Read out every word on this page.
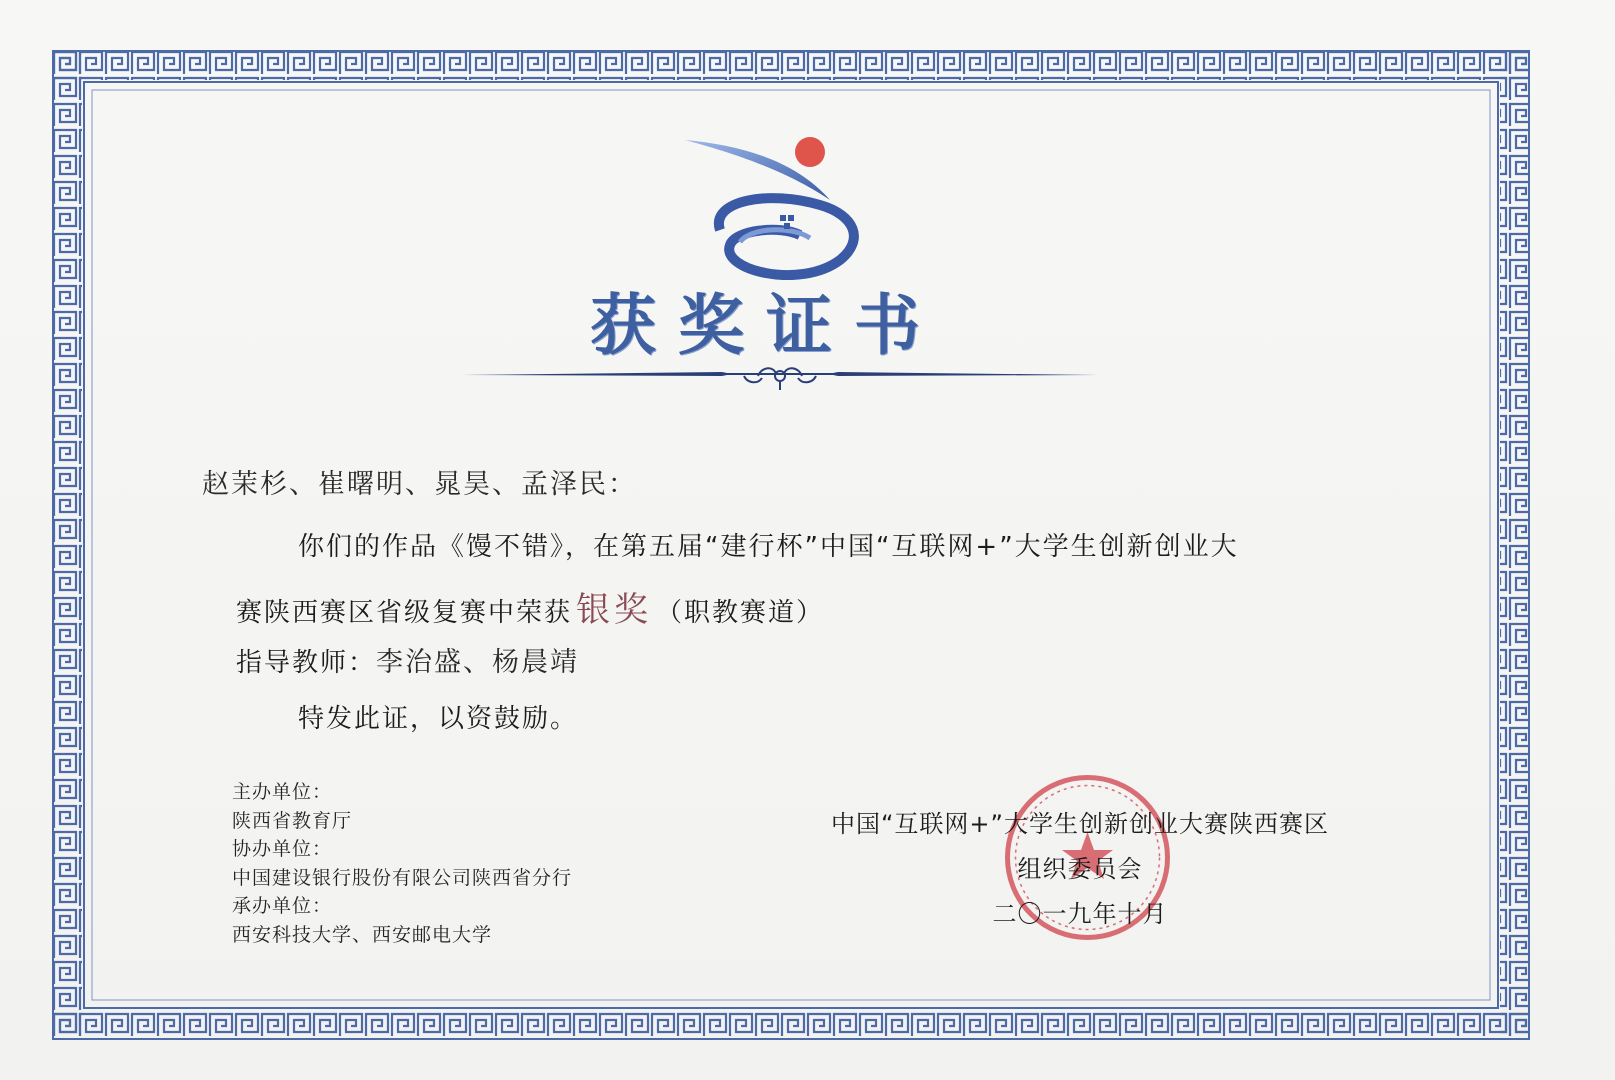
获奖证书
赵茉杉、崔曙明、晁昊、孟泽民：
你们的作品《馒不错》，在第五届“建行杯”中国“互联网+”大学生创新创业大
赛陕西赛区省级复赛中荣获 银奖 （职教赛道）
指导教师：李治盛、杨晨靖
特发此证，以资鼓励。
主办单位：
陕西省教育厅
协办单位：
中国建设银行股份有限公司陕西省分行
承办单位：
西安科技大学、西安邮电大学
中国“互联网+”大学生创新创业大赛陕西赛区
组织委员会
二〇一九年十月
